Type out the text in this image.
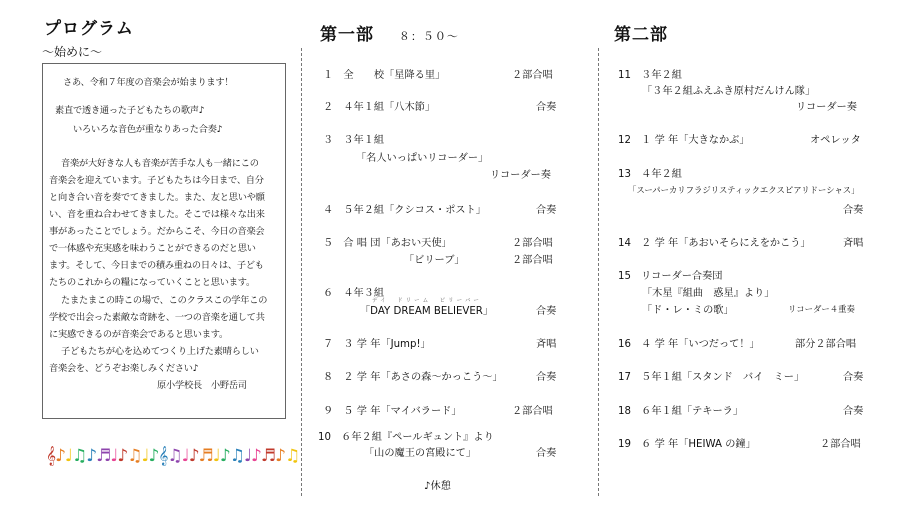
プログラム
～始めに～
さあ、令和７年度の音楽会が始まります！
素直で透き通った子どもたちの歌声♪
いろいろな音色が重なりあった合奏♪
音楽が大好きな人も音楽が苦手な人も一緒にこの
音楽会を迎えています。子どもたちは今日まで、自分
と向き合い音を奏でてきました。また、友と思いや願
い、音を重ね合わせてきました。そこでは様々な出来
事があったことでしょう。だからこそ、今日の音楽会
で一体感や充実感を味わうことができるのだと思い
ます。そして、今日までの積み重ねの日々は、子ども
たちのこれからの糧になっていくことと思います。
たまたまこの時この場で、このクラスこの学年この
学校で出会った素敵な奇跡を、一つの音楽を通して共
に実感できるのが音楽会であると思います。
子どもたちが心を込めてつくり上げた素晴らしい
音楽会を、どうぞお楽しみください♪
原小学校長　小野岳司
𝄞♪♩♫♪♬♩♪♫♩♪𝄞♫♩♪♬♩♪♫♩♪♬♪♫
第一部 ８：５０～
１　全　　校「星降る里」	２部合唱
２　４年１組「八木節」	合奏
３　３年１組
「名人いっぱいリコーダー」
リコーダー奏
４　５年２組「クシコス・ポスト」	合奏
５　合 唱 団「あおい天使」	２部合唱
「ビリーブ」	２部合唱
６　４年３組
デイ　ドリーム　ビリーバー
「DAY DREAM BELIEVER」	合奏
７　３ 学 年「Jump!」	斉唱
８　２ 学 年「あさの森～かっこう～」	合奏
９　５ 学 年「マイバラード」	２部合唱
10　６年２組『ペールギュント』より
「山の魔王の宮殿にて」	合奏
♪休憩
第二部
11　３年２組
「３年２組ふえふき原村だんけん隊」
リコーダー奏
12　１ 学 年「大きなかぶ」	オペレッタ
13　４年２組
「スーパーカリフラジリスティックエクスピアリドーシャス」
合奏
14　２ 学 年「あおいそらにえをかこう」	斉唱
15　リコーダー合奏団
「木星『組曲　惑星』より」
「ド・レ・ミの歌」	リコーダー４重奏
16　４ 学 年「いつだって！」	部分２部合唱
17　５年１組「スタンド　バイ　ミー」	合奏
18　６年１組「テキーラ」	合奏
19　６ 学 年「HEIWA の鐘」	２部合唱
